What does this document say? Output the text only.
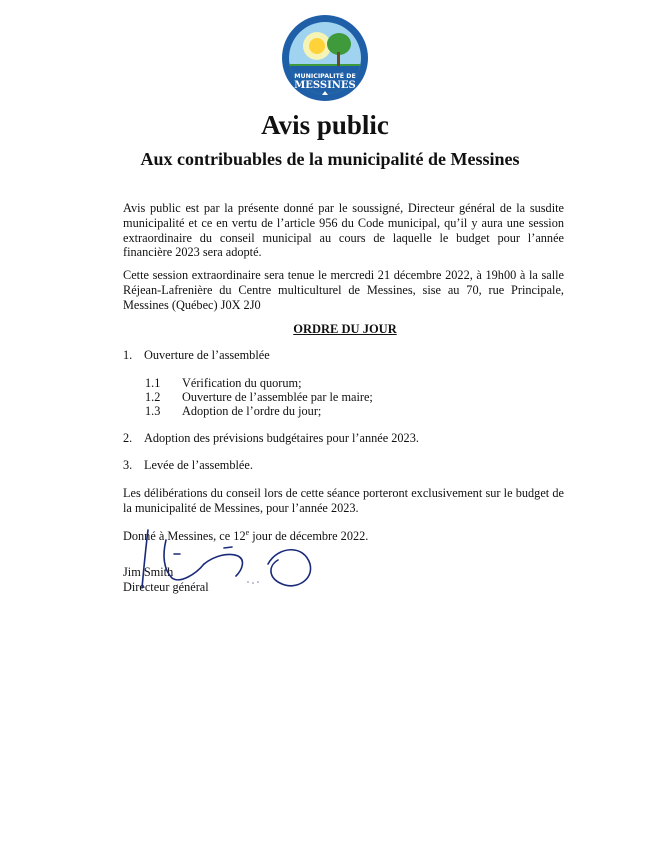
MUNICIPALITÉ DE
MESSINES
Avis public
Aux contribuables de la municipalité de Messines
Avis public est par la présente donné par le soussigné, Directeur général de la susdite municipalité et ce en vertu de l’article 956 du Code municipal, qu’il y aura une session extraordinaire du conseil municipal au cours de laquelle le budget pour l’année financière 2023 sera adopté.
Cette session extraordinaire sera tenue le mercredi 21 décembre 2022, à 19h00 à la salle Réjean-Lafrenière du Centre multiculturel de Messines, sise au 70, rue Principale, Messines (Québec) J0X 2J0
ORDRE DU JOUR
1. Ouverture de l’assemblée
1.1 Vérification du quorum;
1.2 Ouverture de l’assemblée par le maire;
1.3 Adoption de l’ordre du jour;
2. Adoption des prévisions budgétaires pour l’année 2023.
3. Levée de l’assemblée.
Les délibérations du conseil lors de cette séance porteront exclusivement sur le budget de la municipalité de Messines, pour l’année 2023.
Donné à Messines, ce 12e jour de décembre 2022.
Jim Smith
Directeur général
